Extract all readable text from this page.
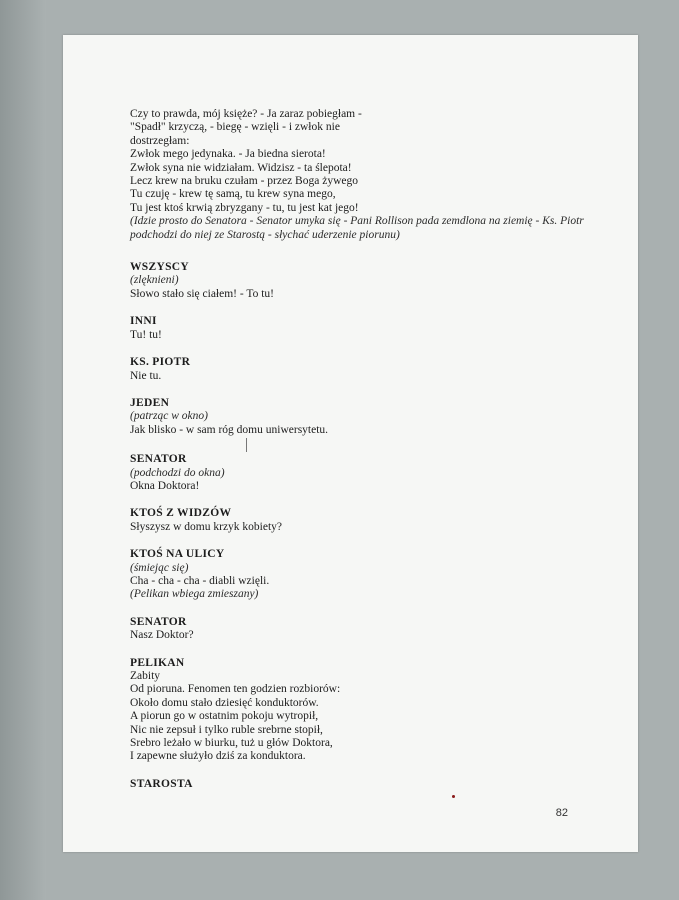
Czy to prawda, mój księże? - Ja zaraz pobiegłam -
"Spadł" krzyczą, - biegę - wzięli - i zwłok nie
dostrzegłam:
Zwłok mego jedynaka. - Ja biedna sierota!
Zwłok syna nie widziałam. Widzisz - ta ślepota!
Lecz krew na bruku czułam - przez Boga żywego
Tu czuję - krew tę samą, tu krew syna mego,
Tu jest ktoś krwią zbryzgany - tu, tu jest kat jego!
(Idzie prosto do Senatora - Senator umyka się - Pani Rollison pada zemdlona na ziemię - Ks. Piotr podchodzi do niej ze Starostą - słychać uderzenie piorunu)
WSZYSCY
(zlęknieni)
Słowo stało się ciałem! - To tu!
INNI
Tu! tu!
KS. PIOTR
Nie tu.
JEDEN
(patrząc w okno)
Jak blisko - w sam róg domu uniwersytetu.
SENATOR
(podchodzi do okna)
Okna Doktora!
KTOŚ Z WIDZÓW
Słyszysz w domu krzyk kobiety?
KTOŚ NA ULICY
(śmiejąc się)
Cha - cha - cha - diabli wzięli.
(Pelikan wbiega zmieszany)
SENATOR
Nasz Doktor?
PELIKAN
Zabity
Od pioruna. Fenomen ten godzien rozbiorów:
Około domu stało dziesięć konduktorów.
A piorun go w ostatnim pokoju wytropił,
Nic nie zepsuł i tylko ruble srebrne stopił,
Srebro leżało w biurku, tuż u głów Doktora,
I zapewne służyło dziś za konduktora.
STAROSTA
82
